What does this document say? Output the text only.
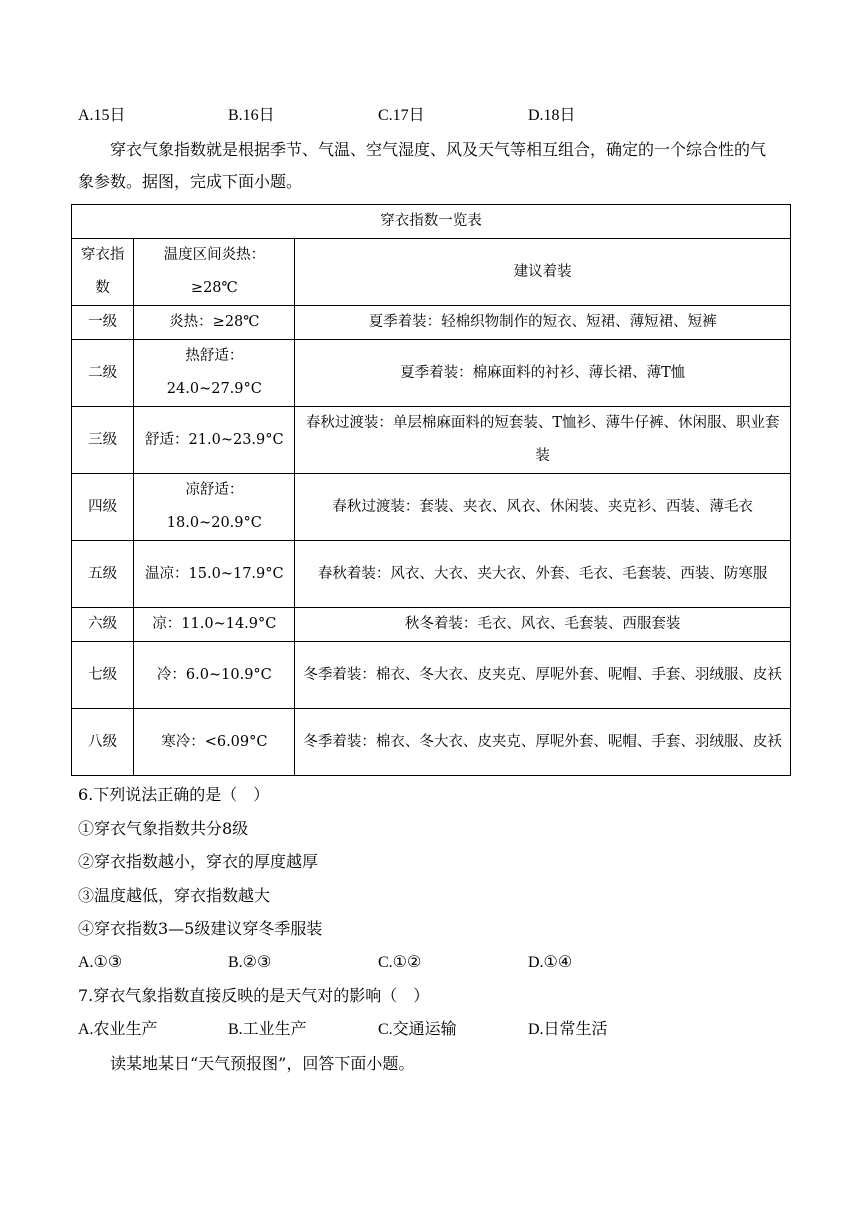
A.15日	B.16日	C.17日	D.18日
穿衣气象指数就是根据季节、气温、空气湿度、风及天气等相互组合，确定的一个综合性的气象参数。据图，完成下面小题。
穿衣指数一览表		
穿衣指数	温度区间炎热：≥28℃	建议着装
一级	炎热：≥28℃	夏季着装：轻棉织物制作的短衣、短裙、薄短裙、短裤
二级	热舒适：24.0~27.9°C	夏季着装：棉麻面料的衬衫、薄长裙、薄T恤
三级	舒适：21.0~23.9°C	春秋过渡装：单层棉麻面料的短套装、T恤衫、薄牛仔裤、休闲服、职业套装
四级	凉舒适：18.0~20.9°C	春秋过渡装：套装、夹衣、风衣、休闲装、夹克衫、西装、薄毛衣
五级	温凉：15.0~17.9°C	春秋着装：风衣、大衣、夹大衣、外套、毛衣、毛套装、西装、防寒服
六级	凉：11.0~14.9°C	秋冬着装：毛衣、风衣、毛套装、西服套装
七级	冷：6.0~10.9°C	冬季着装：棉衣、冬大衣、皮夹克、厚呢外套、呢帽、手套、羽绒服、皮袄
八级	寒冷：<6.09°C	冬季着装：棉衣、冬大衣、皮夹克、厚呢外套、呢帽、手套、羽绒服、皮袄
6.下列说法正确的是（　）
①穿衣气象指数共分8级
②穿衣指数越小，穿衣的厚度越厚
③温度越低，穿衣指数越大
④穿衣指数3—5级建议穿冬季服装
A.①③	B.②③	C.①②	D.①④
7.穿衣气象指数直接反映的是天气对的影响（　）
A.农业生产	B.工业生产	C.交通运输	D.日常生活
读某地某日“天气预报图”，回答下面小题。
